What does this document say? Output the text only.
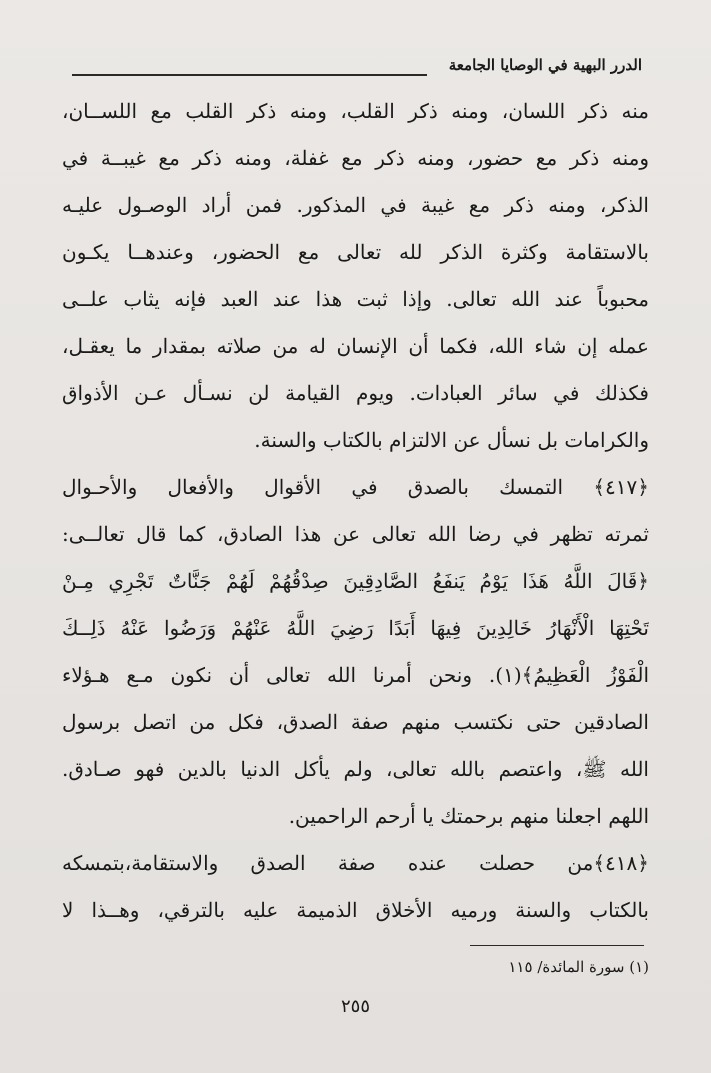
الدرر البهية في الوصايا الجامعة
منه ذكر اللسان، ومنه ذكر القلب، ومنه ذكر القلب مع اللســان،
ومنه ذكر مع حضور، ومنه ذكر مع غفلة، ومنه ذكر مع غيبــة في
الذكر، ومنه ذكر مع غيبة في المذكور. فمن أراد الوصـول عليـه
بالاستقامة وكثرة الذكر لله تعالى مع الحضور، وعندهــا يكـون
محبوباً عند الله تعالى. وإذا ثبت هذا عند العبد فإنه يثاب علــى
عمله إن شاء الله، فكما أن الإنسان له من صلاته بمقدار ما يعقـل،
فكذلك في سائر العبادات. ويوم القيامة لن نسـأل عـن الأذواق
والكرامات بل نسأل عن الالتزام بالكتاب والسنة.
﴿٤١٧﴾ التمسك بالصدق في الأقوال والأفعال والأحـوال
ثمرته تظهر في رضا الله تعالى عن هذا الصادق، كما قال تعالــى:
﴿قَالَ اللَّهُ هَذَا يَوْمُ يَنفَعُ الصَّادِقِينَ صِدْقُهُمْ لَهُمْ جَنَّاتٌ تَجْرِي مِـنْ
تَحْتِهَا الْأَنْهَارُ خَالِدِينَ فِيهَا أَبَدًا رَضِيَ اللَّهُ عَنْهُمْ وَرَضُوا عَنْهُ ذَلِــكَ
الْفَوْزُ الْعَظِيمُ﴾(١). ونحن أمرنا الله تعالى أن نكون مـع هـؤلاء
الصادقين حتى نكتسب منهم صفة الصدق، فكل من اتصل برسول
الله ﷺ، واعتصم بالله تعالى، ولم يأكل الدنيا بالدين فهو صـادق.
اللهم اجعلنا منهم برحمتك يا أرحم الراحمين.
﴿٤١٨﴾من حصلت عنده صفة الصدق والاستقامة،بتمسكه
بالكتاب والسنة ورميه الأخلاق الذميمة عليه بالترقي، وهــذا لا
(١) سورة المائدة/ ١١٥
٢٥٥
